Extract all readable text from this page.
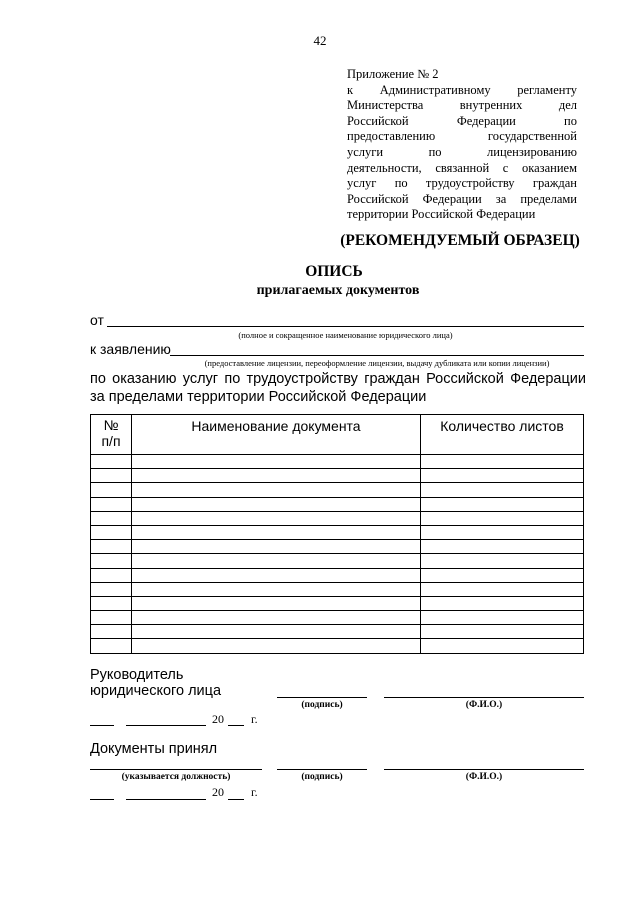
42
Приложение № 2
к Административному регламенту
Министерства внутренних дел
Российской Федерации по
предоставлению государственной
услуги по лицензированию
деятельности, связанной с оказанием
услуг по трудоустройству граждан
Российской Федерации за пределами
территории Российской Федерации
(РЕКОМЕНДУЕМЫЙ ОБРАЗЕЦ)
ОПИСЬ
прилагаемых документов
от
(полное и сокращенное наименование юридического лица)
к заявлению
(предоставление лицензии, переоформление лицензии, выдачу дубликата или копии лицензии)
по оказанию услуг по трудоустройству граждан Российской Федерации за пределами территории Российской Федерации
№
п/п	Наименование документа	Количество листов

Руководитель
юридического лица
(подпись)	(Ф.И.О.)
20 г.
Документы принял
(указывается должность)	(подпись)	(Ф.И.О.)
20 г.
